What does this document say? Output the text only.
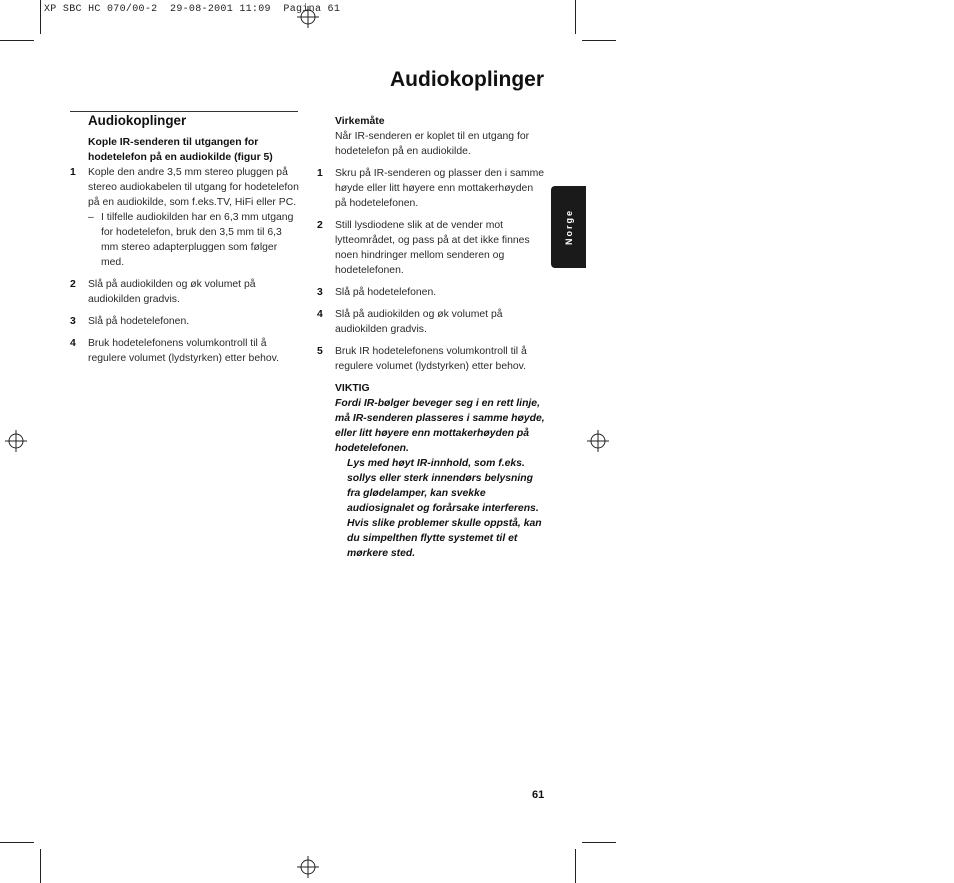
XP SBC HC 070/00-2  29-08-2001 11:09  Pagina 61
Audiokoplinger
Audiokoplinger
Kople IR-senderen til utgangen for hodetelefon på en audiokilde (figur 5)
1 Kople den andre 3,5 mm stereo pluggen på stereo audiokabelen til utgang for hodetelefon på en audiokilde, som f.eks.TV, HiFi eller PC.
– I tilfelle audiokilden har en 6,3 mm utgang for hodetelefon, bruk den 3,5 mm til 6,3 mm stereo adapterpluggen som følger med.
2 Slå på audiokilden og øk volumet på audiokilden gradvis.
3 Slå på hodetelefonen.
4 Bruk hodetelefonens volumkontroll til å regulere volumet (lydstyrken) etter behov.
Virkemåte
Når IR-senderen er koplet til en utgang for hodetelefon på en audiokilde.
1 Skru på IR-senderen og plasser den i samme høyde eller litt høyere enn mottakerhøyden på hodetelefonen.
2 Still lysdiodene slik at de vender mot lytteområdet, og pass på at det ikke finnes noen hindringer mellom senderen og hodetelefonen.
3 Slå på hodetelefonen.
4 Slå på audiokilden og øk volumet på audiokilden gradvis.
5 Bruk IR hodetelefonens volumkontroll til å regulere volumet (lydstyrken) etter behov.
VIKTIG
Fordi IR-bølger beveger seg i en rett linje, må IR-senderen plasseres i samme høyde, eller litt høyere enn mottakerhøyden på hodetelefonen.
Lys med høyt IR-innhold, som f.eks. sollys eller sterk innendørs belysning fra glødelamper, kan svekke audiosignalet og forårsake interferens. Hvis slike problemer skulle oppstå, kan du simpelthen flytte systemet til et mørkere sted.
Norge
61
